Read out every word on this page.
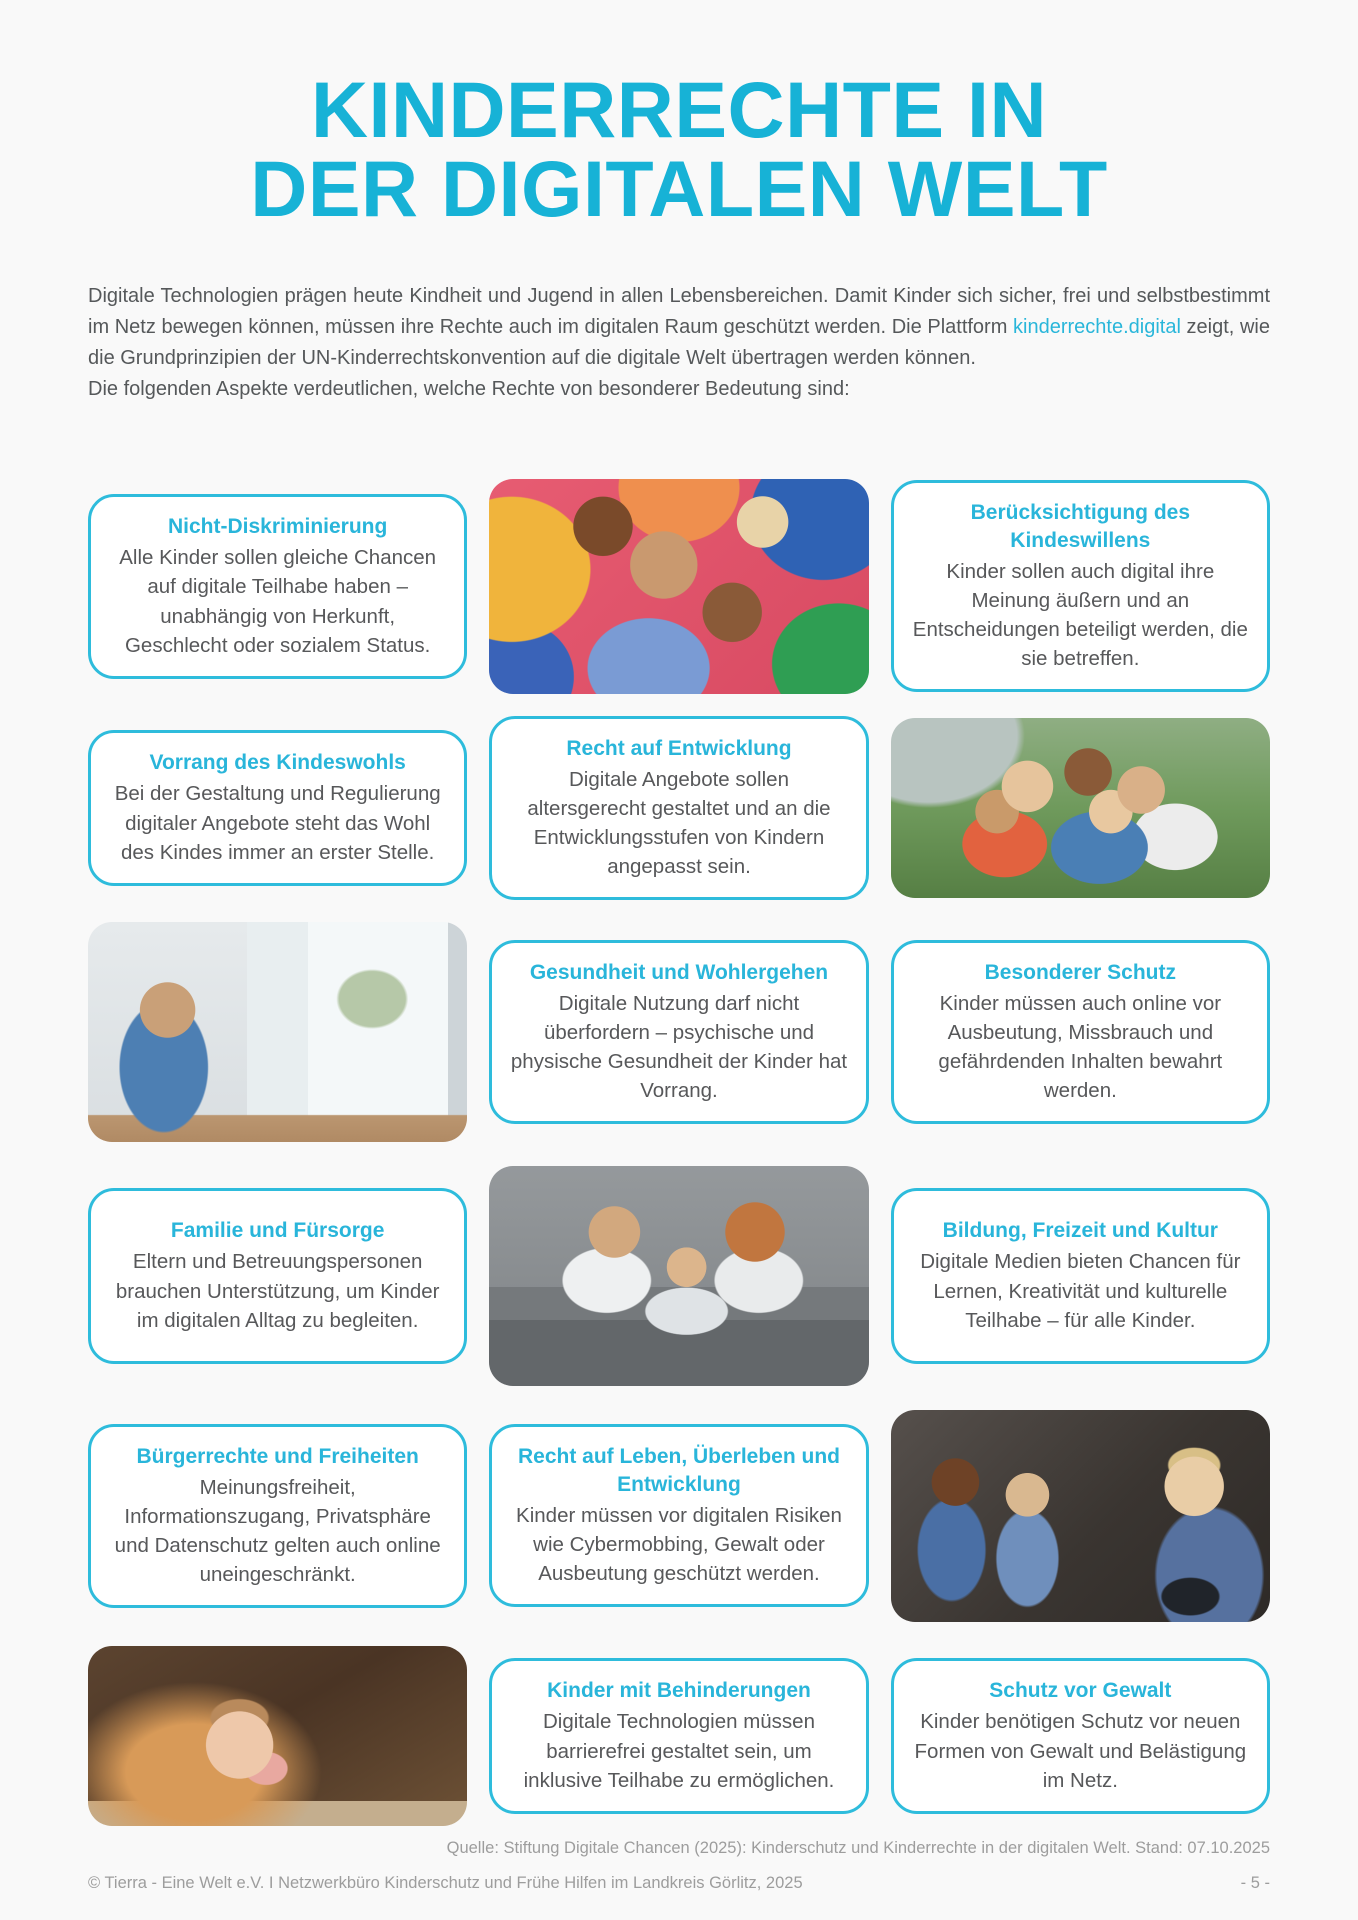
KINDERRECHTE IN
DER DIGITALEN WELT

Digitale Technologien prägen heute Kindheit und Jugend in allen Lebensbereichen. Damit Kinder sich sicher, frei und selbstbestimmt im Netz bewegen können, müssen ihre Rechte auch im digitalen Raum geschützt werden. Die Plattform kinderrechte.digital zeigt, wie die Grundprinzipien der UN-Kinderrechtskonvention auf die digitale Welt übertragen werden können.

Die folgenden Aspekte verdeutlichen, welche Rechte von besonderer Bedeutung sind:

Nicht-Diskriminierung
Alle Kinder sollen gleiche Chancen auf digitale Teilhabe haben – unabhängig von Herkunft, Geschlecht oder sozialem Status.
Berücksichtigung des Kindeswillens
Kinder sollen auch digital ihre Meinung äußern und an Entscheidungen beteiligt werden, die sie betreffen.
Vorrang des Kindeswohls
Bei der Gestaltung und Regulierung digitaler Angebote steht das Wohl des Kindes immer an erster Stelle.
Recht auf Entwicklung
Digitale Angebote sollen altersgerecht gestaltet und an die Entwicklungsstufen von Kindern angepasst sein.
Gesundheit und Wohlergehen
Digitale Nutzung darf nicht überfordern – psychische und physische Gesundheit der Kinder hat Vorrang.
Besonderer Schutz
Kinder müssen auch online vor Ausbeutung, Missbrauch und gefährdenden Inhalten bewahrt werden.
Familie und Fürsorge
Eltern und Betreuungspersonen brauchen Unterstützung, um Kinder im digitalen Alltag zu begleiten.
Bildung, Freizeit und Kultur
Digitale Medien bieten Chancen für Lernen, Kreativität und kulturelle Teilhabe – für alle Kinder.
Bürgerrechte und Freiheiten
Meinungsfreiheit, Informationszugang, Privatsphäre und Datenschutz gelten auch online uneingeschränkt.
Recht auf Leben, Überleben und Entwicklung
Kinder müssen vor digitalen Risiken wie Cybermobbing, Gewalt oder Ausbeutung geschützt werden.
Kinder mit Behinderungen
Digitale Technologien müssen barrierefrei gestaltet sein, um inklusive Teilhabe zu ermöglichen.
Schutz vor Gewalt
Kinder benötigen Schutz vor neuen Formen von Gewalt und Belästigung im Netz.
Quelle: Stiftung Digitale Chancen (2025): Kinderschutz und Kinderrechte in der digitalen Welt. Stand: 07.10.2025
© Tierra - Eine Welt e.V. I Netzwerkbüro Kinderschutz und Frühe Hilfen im Landkreis Görlitz, 2025	- 5 -
